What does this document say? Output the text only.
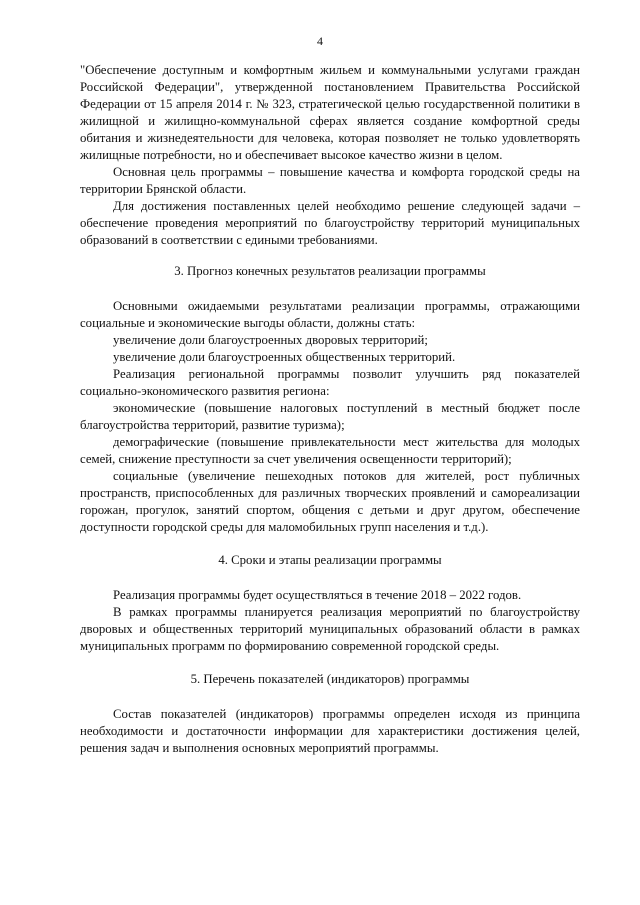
4

"Обеспечение доступным и комфортным жильем и коммунальными услугами граждан Российской Федерации", утвержденной постановлением Правительства Российской Федерации от 15 апреля 2014 г. № 323, стратегической целью государственной политики в жилищной и жилищно-коммунальной сферах является создание комфортной среды обитания и жизнедеятельности для человека, которая позволяет не только удовлетворять жилищные потребности, но и обеспечивает высокое качество жизни в целом.

Основная цель программы – повышение качества и комфорта городской среды на территории Брянской области.

Для достижения поставленных целей необходимо решение следующей задачи – обеспечение проведения мероприятий по благоустройству территорий муниципальных образований в соответствии с едиными требованиями.

3. Прогноз конечных результатов реализации программы

Основными ожидаемыми результатами реализации программы, отражающими социальные и экономические выгоды области, должны стать:

увеличение доли благоустроенных дворовых территорий;

увеличение доли благоустроенных общественных территорий.

Реализация региональной программы позволит улучшить ряд показателей социально-экономического развития региона:

экономические (повышение налоговых поступлений в местный бюджет после благоустройства территорий, развитие туризма);

демографические (повышение привлекательности мест жительства для молодых семей, снижение преступности за счет увеличения освещенности территорий);

социальные (увеличение пешеходных потоков для жителей, рост публичных пространств, приспособленных для различных творческих проявлений и самореализации горожан, прогулок, занятий спортом, общения с детьми и друг другом, обеспечение доступности городской среды для маломобильных групп населения и т.д.).

4. Сроки и этапы реализации программы

Реализация программы будет осуществляться в течение 2018 – 2022 годов.

В рамках программы планируется реализация мероприятий по благоустройству дворовых и общественных территорий муниципальных образований области в рамках муниципальных программ по формированию современной городской среды.

5. Перечень показателей (индикаторов) программы

Состав показателей (индикаторов) программы определен исходя из принципа необходимости и достаточности информации для характеристики достижения целей, решения задач и выполнения основных мероприятий программы.
